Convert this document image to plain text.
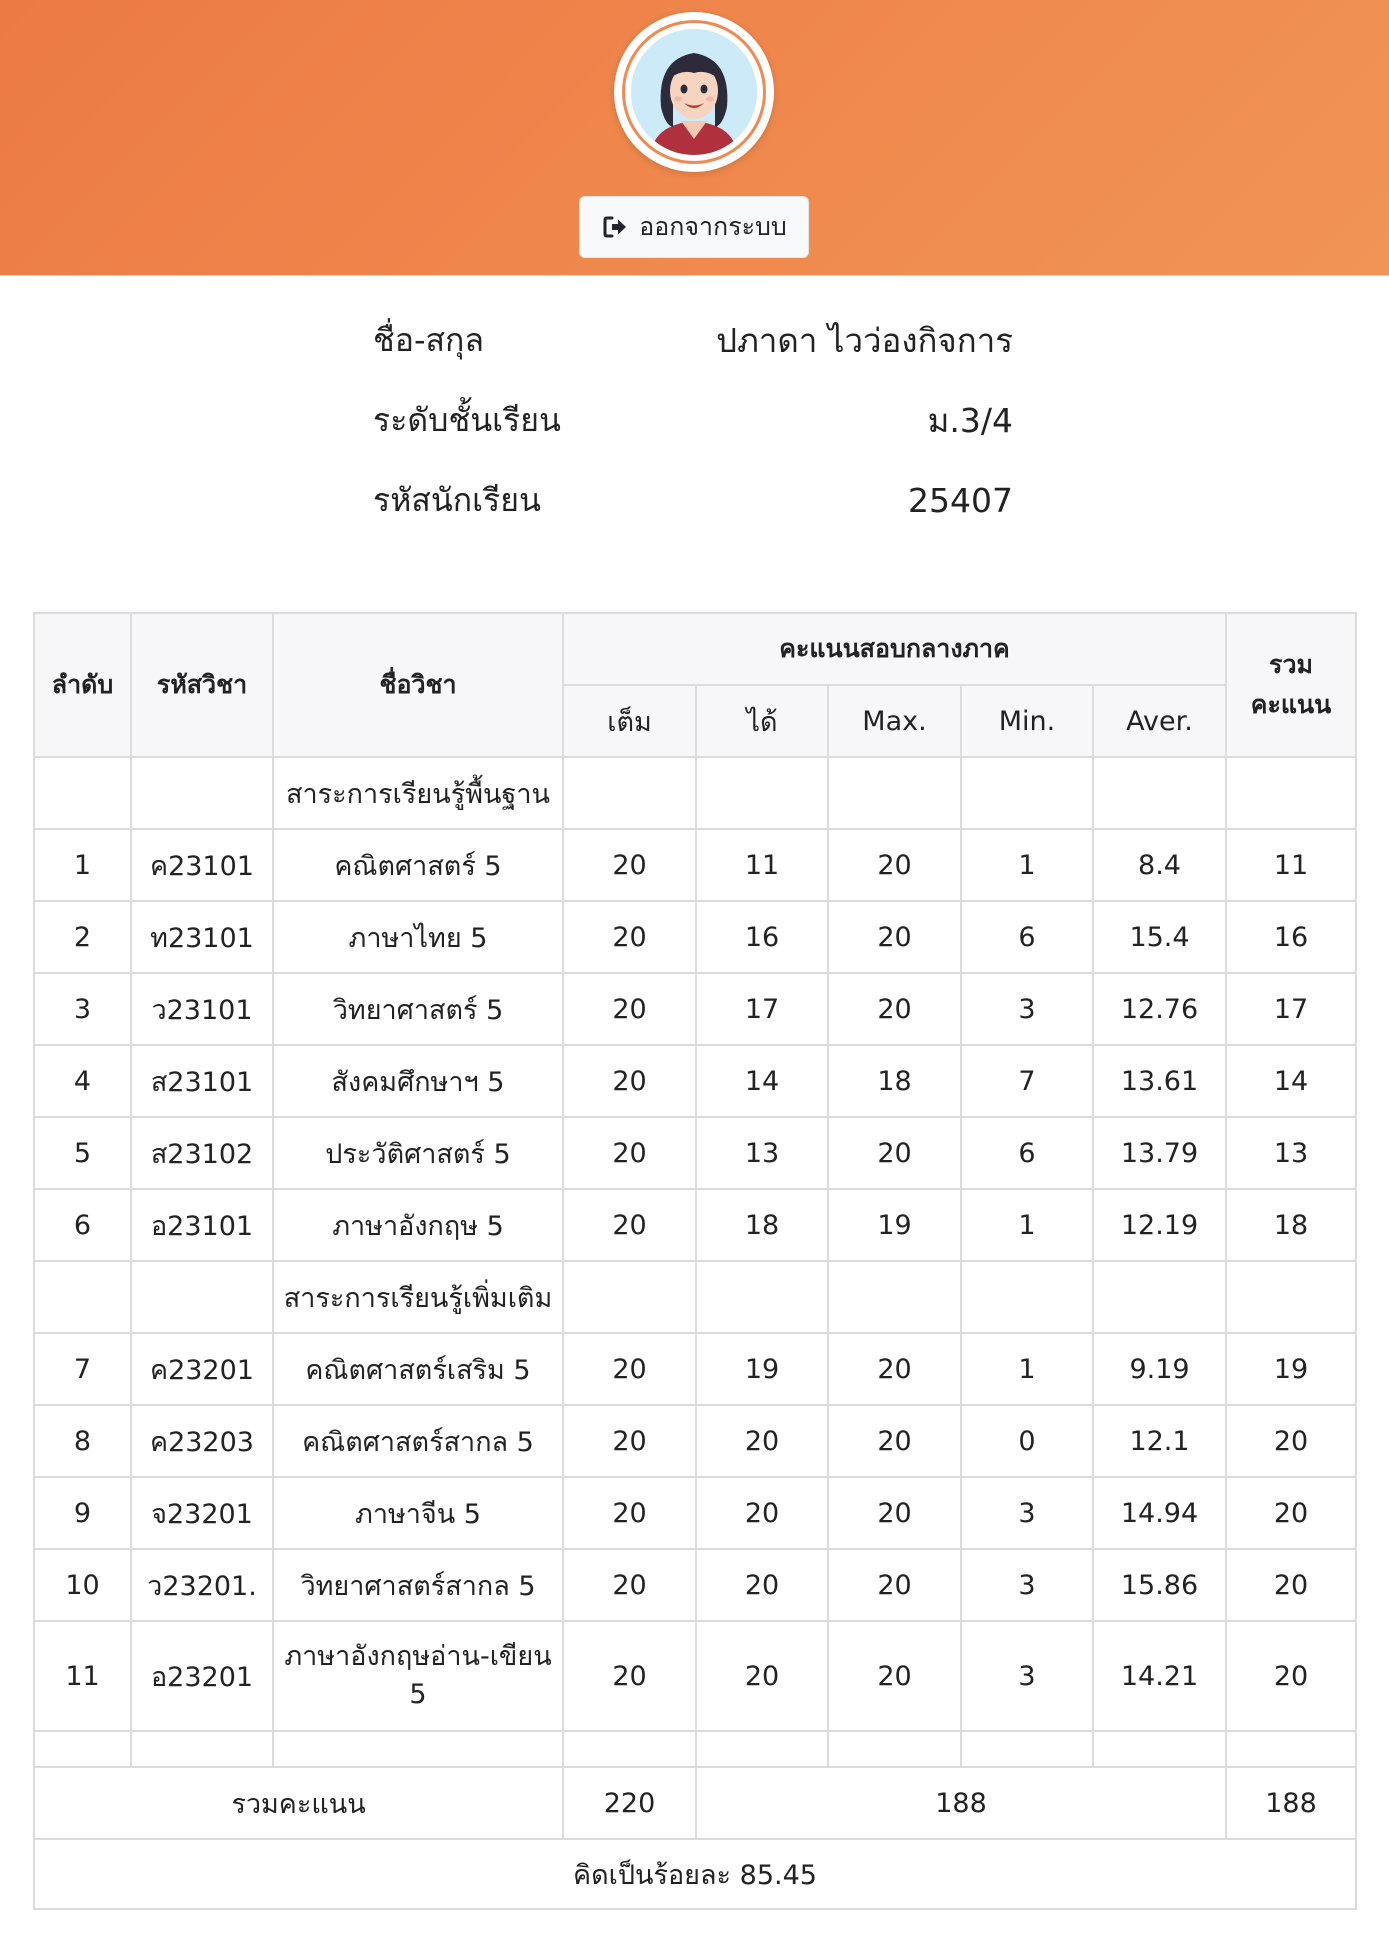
ออกจากระบบ
ชื่อ-สกุล	ปภาดา ไวว่องกิจการ
ระดับชั้นเรียน	ม.3/4
รหัสนักเรียน	25407
ลำดับ	รหัสวิชา	ชื่อวิชา	คะแนนสอบกลางภาค					รวม
คะแนน

			เต็ม	ได้	Max.	Min.	Aver.	
		สาระการเรียนรู้พื้นฐาน						
1	ค23101	คณิตศาสตร์ 5	20	11	20	1	8.4	11
2	ท23101	ภาษาไทย 5	20	16	20	6	15.4	16
3	ว23101	วิทยาศาสตร์ 5	20	17	20	3	12.76	17
4	ส23101	สังคมศึกษาฯ 5	20	14	18	7	13.61	14
5	ส23102	ประวัติศาสตร์ 5	20	13	20	6	13.79	13
6	อ23101	ภาษาอังกฤษ 5	20	18	19	1	12.19	18
		สาระการเรียนรู้เพิ่มเติม						
7	ค23201	คณิตศาสตร์เสริม 5	20	19	20	1	9.19	19
8	ค23203	คณิตศาสตร์สากล 5	20	20	20	0	12.1	20
9	จ23201	ภาษาจีน 5	20	20	20	3	14.94	20
10	ว23201.	วิทยาศาสตร์สากล 5	20	20	20	3	15.86	20
11	อ23201	ภาษาอังกฤษอ่าน-เขียน 5	20	20	20	3	14.21	20

รวมคะแนน			220	188				188
คิดเป็นร้อยละ 85.45								
